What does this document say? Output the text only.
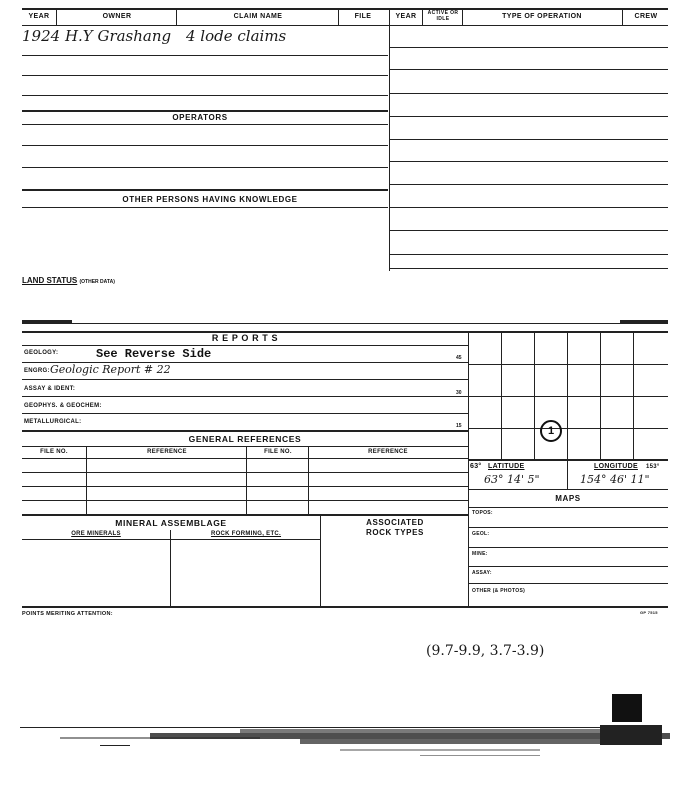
YEAR	OWNER	CLAIM NAME	FILE	YEAR	ACTIVE OR IDLE	TYPE OF OPERATION	CREW
OPERATORS
OTHER PERSONS HAVING KNOWLEDGE
1924 H.Y Grashang 4 lode claims
LAND STATUS (OTHER DATA)
R E P O R T S
GEOLOGY:	See Reverse Side	45
ENGRG: Geologic Report # 22
ASSAY & IDENT:
30
GEOPHYS. & GEOCHEM:
METALLURGICAL:
15
GENERAL REFERENCES
FILE NO.	REFERENCE	FILE NO.	REFERENCE
MINERAL ASSEMBLAGE
ORE MINERALS	ROCK FORMING, ETC.
ASSOCIATED
ROCK TYPES
1
63° LATITUDE	LONGITUDE 153°
63° 14' 5"	154° 46' 11"
MAPS
TOPOS:
GEOL:
MINE:
ASSAY:
OTHER (& PHOTOS)
POINTS MERITING ATTENTION:	GP 7515
(9.7-9.9, 3.7-3.9)
